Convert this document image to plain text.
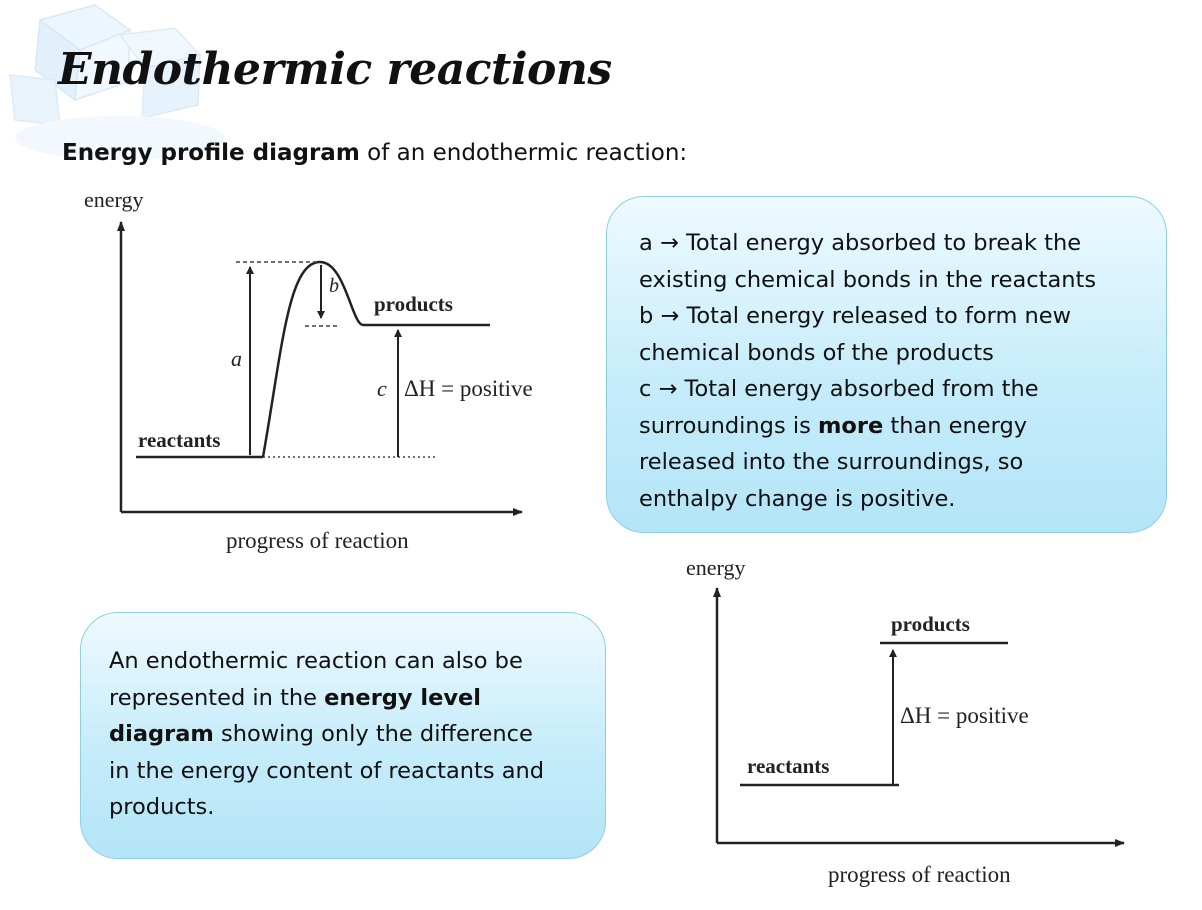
Endothermic reactions
Energy profile diagram of an endothermic reaction:
energy
progress of reaction
reactants
products
a
b
c ΔH = positive
energy
progress of reaction
reactants
products
ΔH = positive

a → Total energy absorbed to break the
existing chemical bonds in the reactants
b → Total energy released to form new
chemical bonds of the products
c → Total energy absorbed from the
surroundings is more than energy
released into the surroundings, so
enthalpy change is positive.

An endothermic reaction can also be
represented in the energy level
diagram showing only the difference
in the energy content of reactants and
products.
